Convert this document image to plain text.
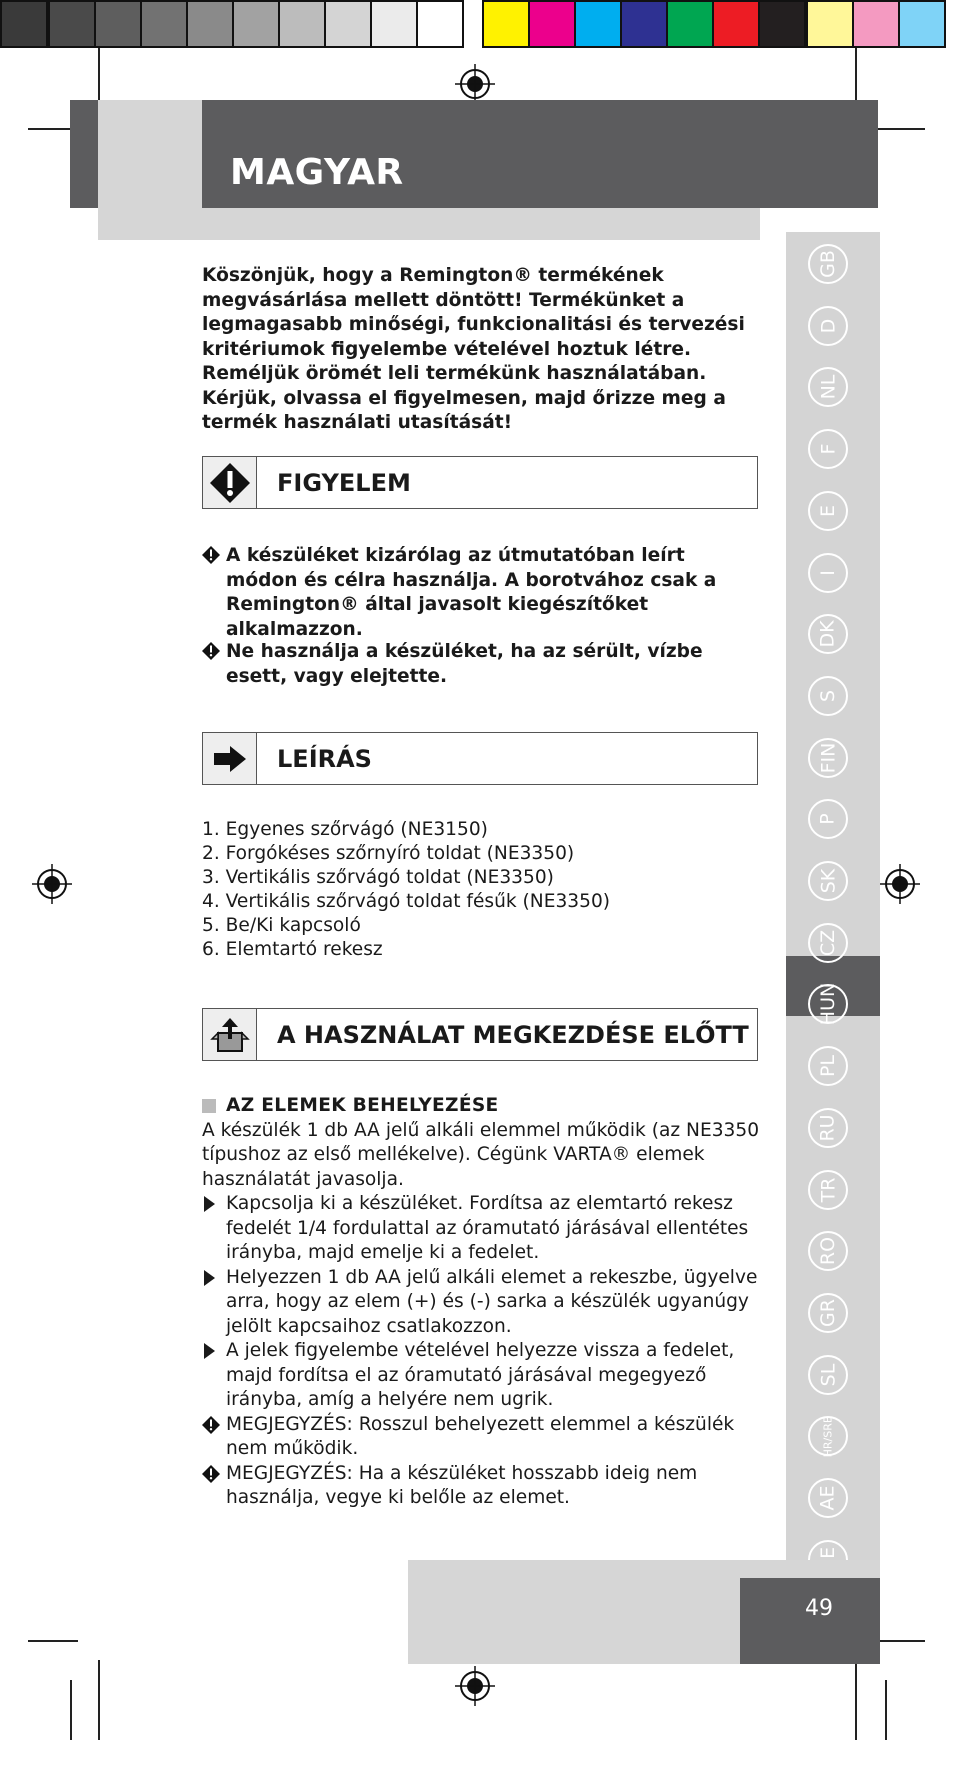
MAGYAR
Köszönjük, hogy a Remington® termékének megvásárlása mellett döntött! Termékünket a legmagasabb minőségi, funkcionalitási és tervezési kritériumok figyelembe vételével hoztuk létre. Reméljük örömét leli termékünk használatában. Kérjük, olvassa el figyelmesen, majd őrizze meg a termék használati utasítását!
FIGYELEM
A készüléket kizárólag az útmutatóban leírt módon és célra használja. A borotvához csak a Remington® által javasolt kiegészítőket alkalmazzon.
Ne használja a készüléket, ha az sérült, vízbe esett, vagy elejtette.
LEÍRÁS
1. Egyenes szőrvágó (NE3150)
2. Forgókéses szőrnyíró toldat (NE3350)
3. Vertikális szőrvágó toldat (NE3350)
4. Vertikális szőrvágó toldat fésűk (NE3350)
5. Be/Ki kapcsoló
6. Elemtartó rekesz
A HASZNÁLAT MEGKEZDÉSE ELŐTT
AZ ELEMEK BEHELYEZÉSE
A készülék 1 db AA jelű alkáli elemmel működik (az NE3350 típushoz az első mellékelve). Cégünk VARTA® elemek használatát javasolja.
Kapcsolja ki a készüléket. Fordítsa az elemtartó rekesz fedelét 1/4 fordulattal az óramutató járásával ellentétes irányba, majd emelje ki a fedelet.
Helyezzen 1 db AA jelű alkáli elemet a rekeszbe, ügyelve arra, hogy az elem (+) és (-) sarka a készülék ugyanúgy jelölt kapcsaihoz csatlakozzon.
A jelek figyelembe vételével helyezze vissza a fedelet, majd fordítsa el az óramutató járásával megegyező irányba, amíg a helyére nem ugrik.
MEGJEGYZÉS: Rosszul behelyezett elemmel a készülék nem működik.
MEGJEGYZÉS: Ha a készüléket hosszabb ideig nem használja, vegye ki belőle az elemet.
GB
D
NL
F
E
I
DK
S
FIN
P
SK
CZ
HUN
PL
RU
TR
RO
GR
SL
HR/SRB
AE
49
